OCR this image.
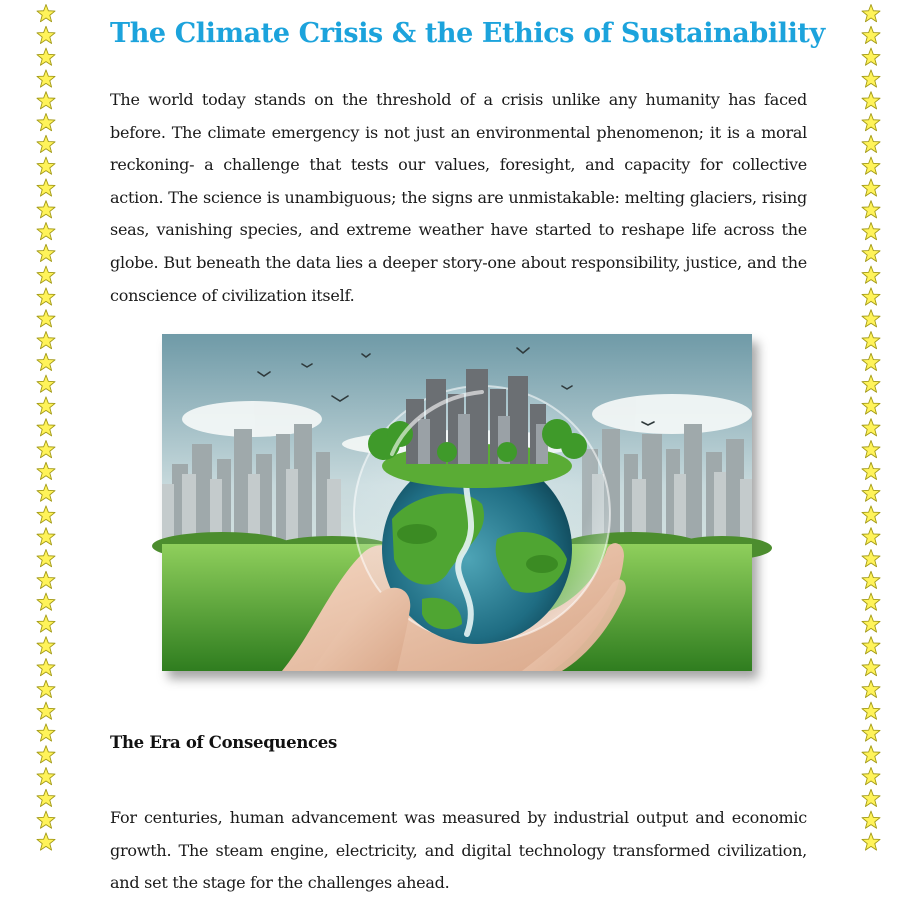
The Climate Crisis & the Ethics of Sustainability

The world today stands on the threshold of a crisis unlike any humanity has faced before. The climate emergency is not just an environmental phenomenon; it is a moral reckoning- a challenge that tests our values, foresight, and capacity for collective action. The science is unambiguous; the signs are unmistakable: melting glaciers, rising seas, vanishing species, and extreme weather have started to reshape life across the globe. But beneath the data lies a deeper story-one about responsibility, justice, and the conscience of civilization itself.

The Era of Consequences

For centuries, human advancement was measured by industrial output and economic growth. The steam engine, electricity, and digital technology transformed civilization, and set the stage for the challenges ahead.
